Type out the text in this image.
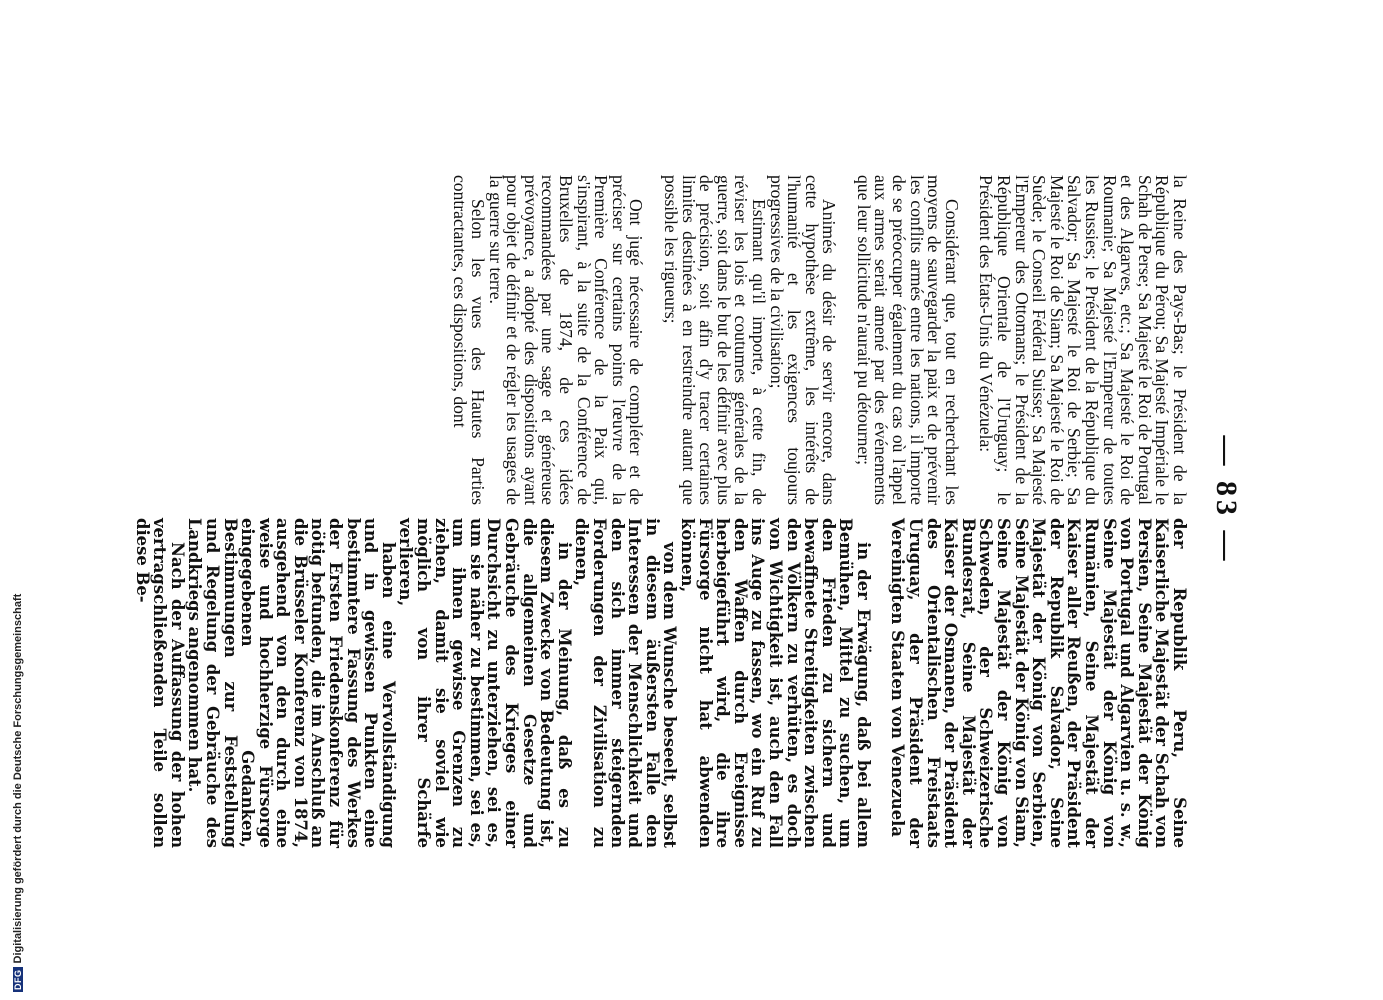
— 83 —

la Reine des Pays-Bas; le Président de la République du Pérou; Sa Majesté Impériale le Schah de Perse; Sa Majesté le Roi de Portugal et des Algarves, etc.; Sa Majesté le Roi de Roumanie; Sa Majesté l'Empereur de toutes les Russies; le Président de la République du Salvador; Sa Majesté le Roi de Serbie; Sa Majesté le Roi de Siam; Sa Majesté le Roi de Suède; le Conseil Fédéral Suisse; Sa Majesté l'Empereur des Ottomans; le Président de la République Orientale de l'Uruguay; le Président des États-Unis du Vénézuela:

Considérant que, tout en recherchant les moyens de sauvegarder la paix et de prévenir les conflits armés entre les nations, il importe de se préoccuper également du cas où l'appel aux armes serait amené par des événements que leur sollicitude n'aurait pu détourner;

Animés du désir de servir encore, dans cette hypothèse extrême, les intérêts de l'humanité et les exigences toujours progressives de la civilisation;

Estimant qu'il importe, à cette fin, de réviser les lois et coutumes générales de la guerre, soit dans le but de les définir avec plus de précision, soit afin d'y tracer certaines limites destinées à en restreindre autant que possible les rigueurs;

Ont jugé nécessaire de compléter et de préciser sur certains points l'œuvre de la Première Conférence de la Paix qui, s'inspirant, à la suite de la Conférence de Bruxelles de 1874, de ces idées recommandées par une sage et généreuse prévoyance, a adopté des dispositions ayant pour objet de définir et de régler les usages de la guerre sur terre.

Selon les vues des Hautes Parties contractantes, ces dispositions, dont

der Republik Peru, Seine Kaiserliche Majestät der Schah von Persien, Seine Majestät der König von Portugal und Algarvien u. s. w., Seine Majestät der König von Rumänien, Seine Majestät der Kaiser aller Reußen, der Präsident der Republik Salvador, Seine Majestät der König von Serbien, Seine Majestät der König von Siam, Seine Majestät der König von Schweden, der Schweizerische Bundesrat, Seine Majestät der Kaiser der Osmanen, der Präsident des Orientalischen Freistaats Uruguay, der Präsident der Vereinigten Staaten von Venezuela

in der Erwägung, daß bei allem Bemühen, Mittel zu suchen, um den Frieden zu sichern und bewaffnete Streitigkeiten zwischen den Völkern zu verhüten, es doch von Wichtigkeit ist, auch den Fall ins Auge zu fassen, wo ein Ruf zu den Waffen durch Ereignisse herbeigeführt wird, die ihre Fürsorge nicht hat abwenden können,

von dem Wunsche beseelt, selbst in diesem äußersten Falle den Interessen der Menschlichkeit und den sich immer steigernden Forderungen der Zivilisation zu dienen,

in der Meinung, daß es zu diesem Zwecke von Bedeutung ist, die allgemeinen Gesetze und Gebräuche des Krieges einer Durchsicht zu unterziehen, sei es, um sie näher zu bestimmen, sei es, um ihnen gewisse Grenzen zu ziehen, damit sie soviel wie möglich von ihrer Schärfe verlieren,

haben eine Vervollständigung und in gewissen Punkten eine bestimmtere Fassung des Werkes der Ersten Friedenskonferenz für nötig befunden, die im Anschluß an die Brüsseler Konferenz von 1874, ausgehend von den durch eine weise und hochherzige Fürsorge eingegebenen Gedanken, Bestimmungen zur Feststellung und Regelung der Gebräuche des Landkriegs angenommen hat.

Nach der Auffassung der hohen vertragschließenden Teile sollen diese Be-

DFGDigitalisierung gefördert durch die Deutsche Forschungsgemeinschaft
